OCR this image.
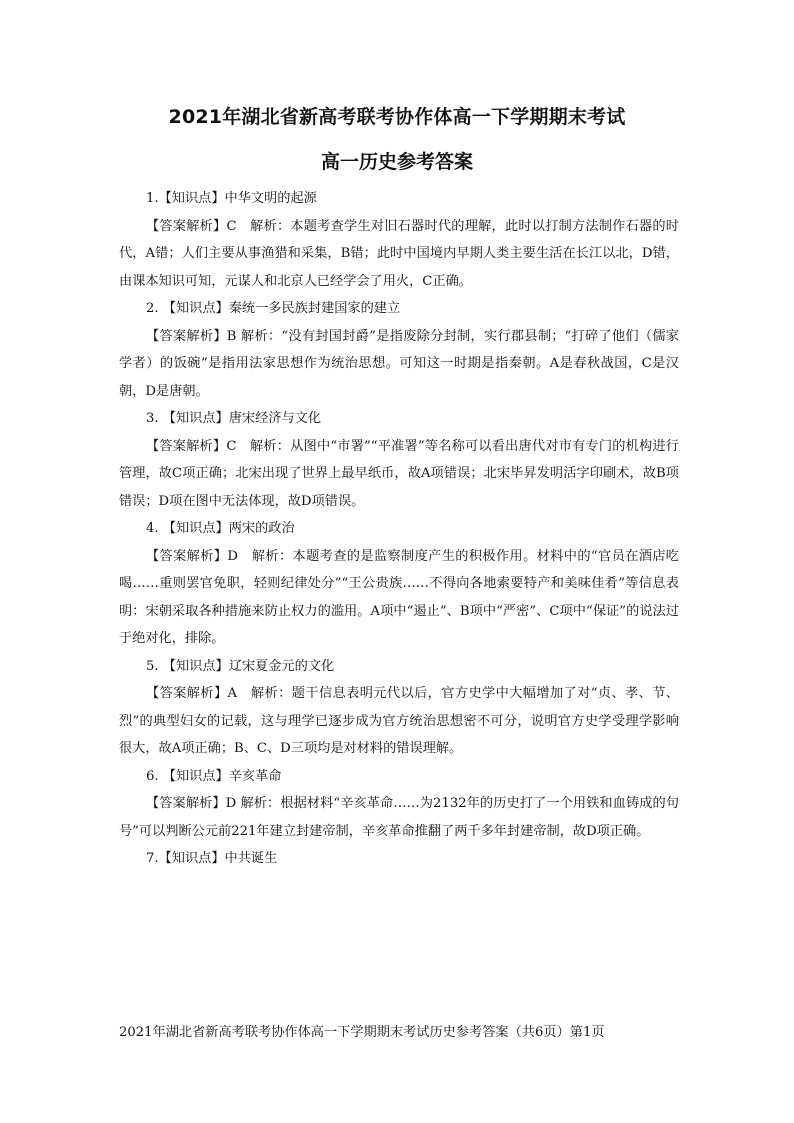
2021年湖北省新高考联考协作体高一下学期期末考试
高一历史参考答案

1.【知识点】中华文明的起源

【答案解析】C　解析：本题考查学生对旧石器时代的理解，此时以打制方法制作石器的时代，A错；人们主要从事渔猎和采集，B错；此时中国境内早期人类主要生活在长江以北，D错，由课本知识可知，元谋人和北京人已经学会了用火，C正确。

2. 【知识点】秦统一多民族封建国家的建立

【答案解析】B 解析：“没有封国封爵”是指废除分封制，实行郡县制；“打碎了他们（儒家学者）的饭碗”是指用法家思想作为统治思想。可知这一时期是指秦朝。A是春秋战国，C是汉朝，D是唐朝。

3. 【知识点】唐宋经济与文化

【答案解析】C　解析：从图中“市署”“平准署”等名称可以看出唐代对市有专门的机构进行管理，故C项正确；北宋出现了世界上最早纸币，故A项错误；北宋毕昇发明活字印刷术，故B项错误；D项在图中无法体现，故D项错误。

4. 【知识点】两宋的政治

【答案解析】D　解析：本题考查的是监察制度产生的积极作用。材料中的“官员在酒店吃喝……重则罢官免职，轻则纪律处分”“王公贵族……不得向各地索要特产和美味佳肴”等信息表明：宋朝采取各种措施来防止权力的滥用。A项中“遏止”、B项中“严密”、C项中“保证”的说法过于绝对化，排除。

5. 【知识点】辽宋夏金元的文化

【答案解析】A　解析：题干信息表明元代以后，官方史学中大幅增加了对“贞、孝、节、烈”的典型妇女的记载，这与理学已逐步成为官方统治思想密不可分，说明官方史学受理学影响很大，故A项正确；B、C、D三项均是对材料的错误理解。

6. 【知识点】辛亥革命

【答案解析】D 解析：根据材料“辛亥革命……为2132年的历史打了一个用铁和血铸成的句号”可以判断公元前221年建立封建帝制，辛亥革命推翻了两千多年封建帝制，故D项正确。

7.【知识点】中共诞生

2021年湖北省新高考联考协作体高一下学期期末考试历史参考答案（共6页）第1页
